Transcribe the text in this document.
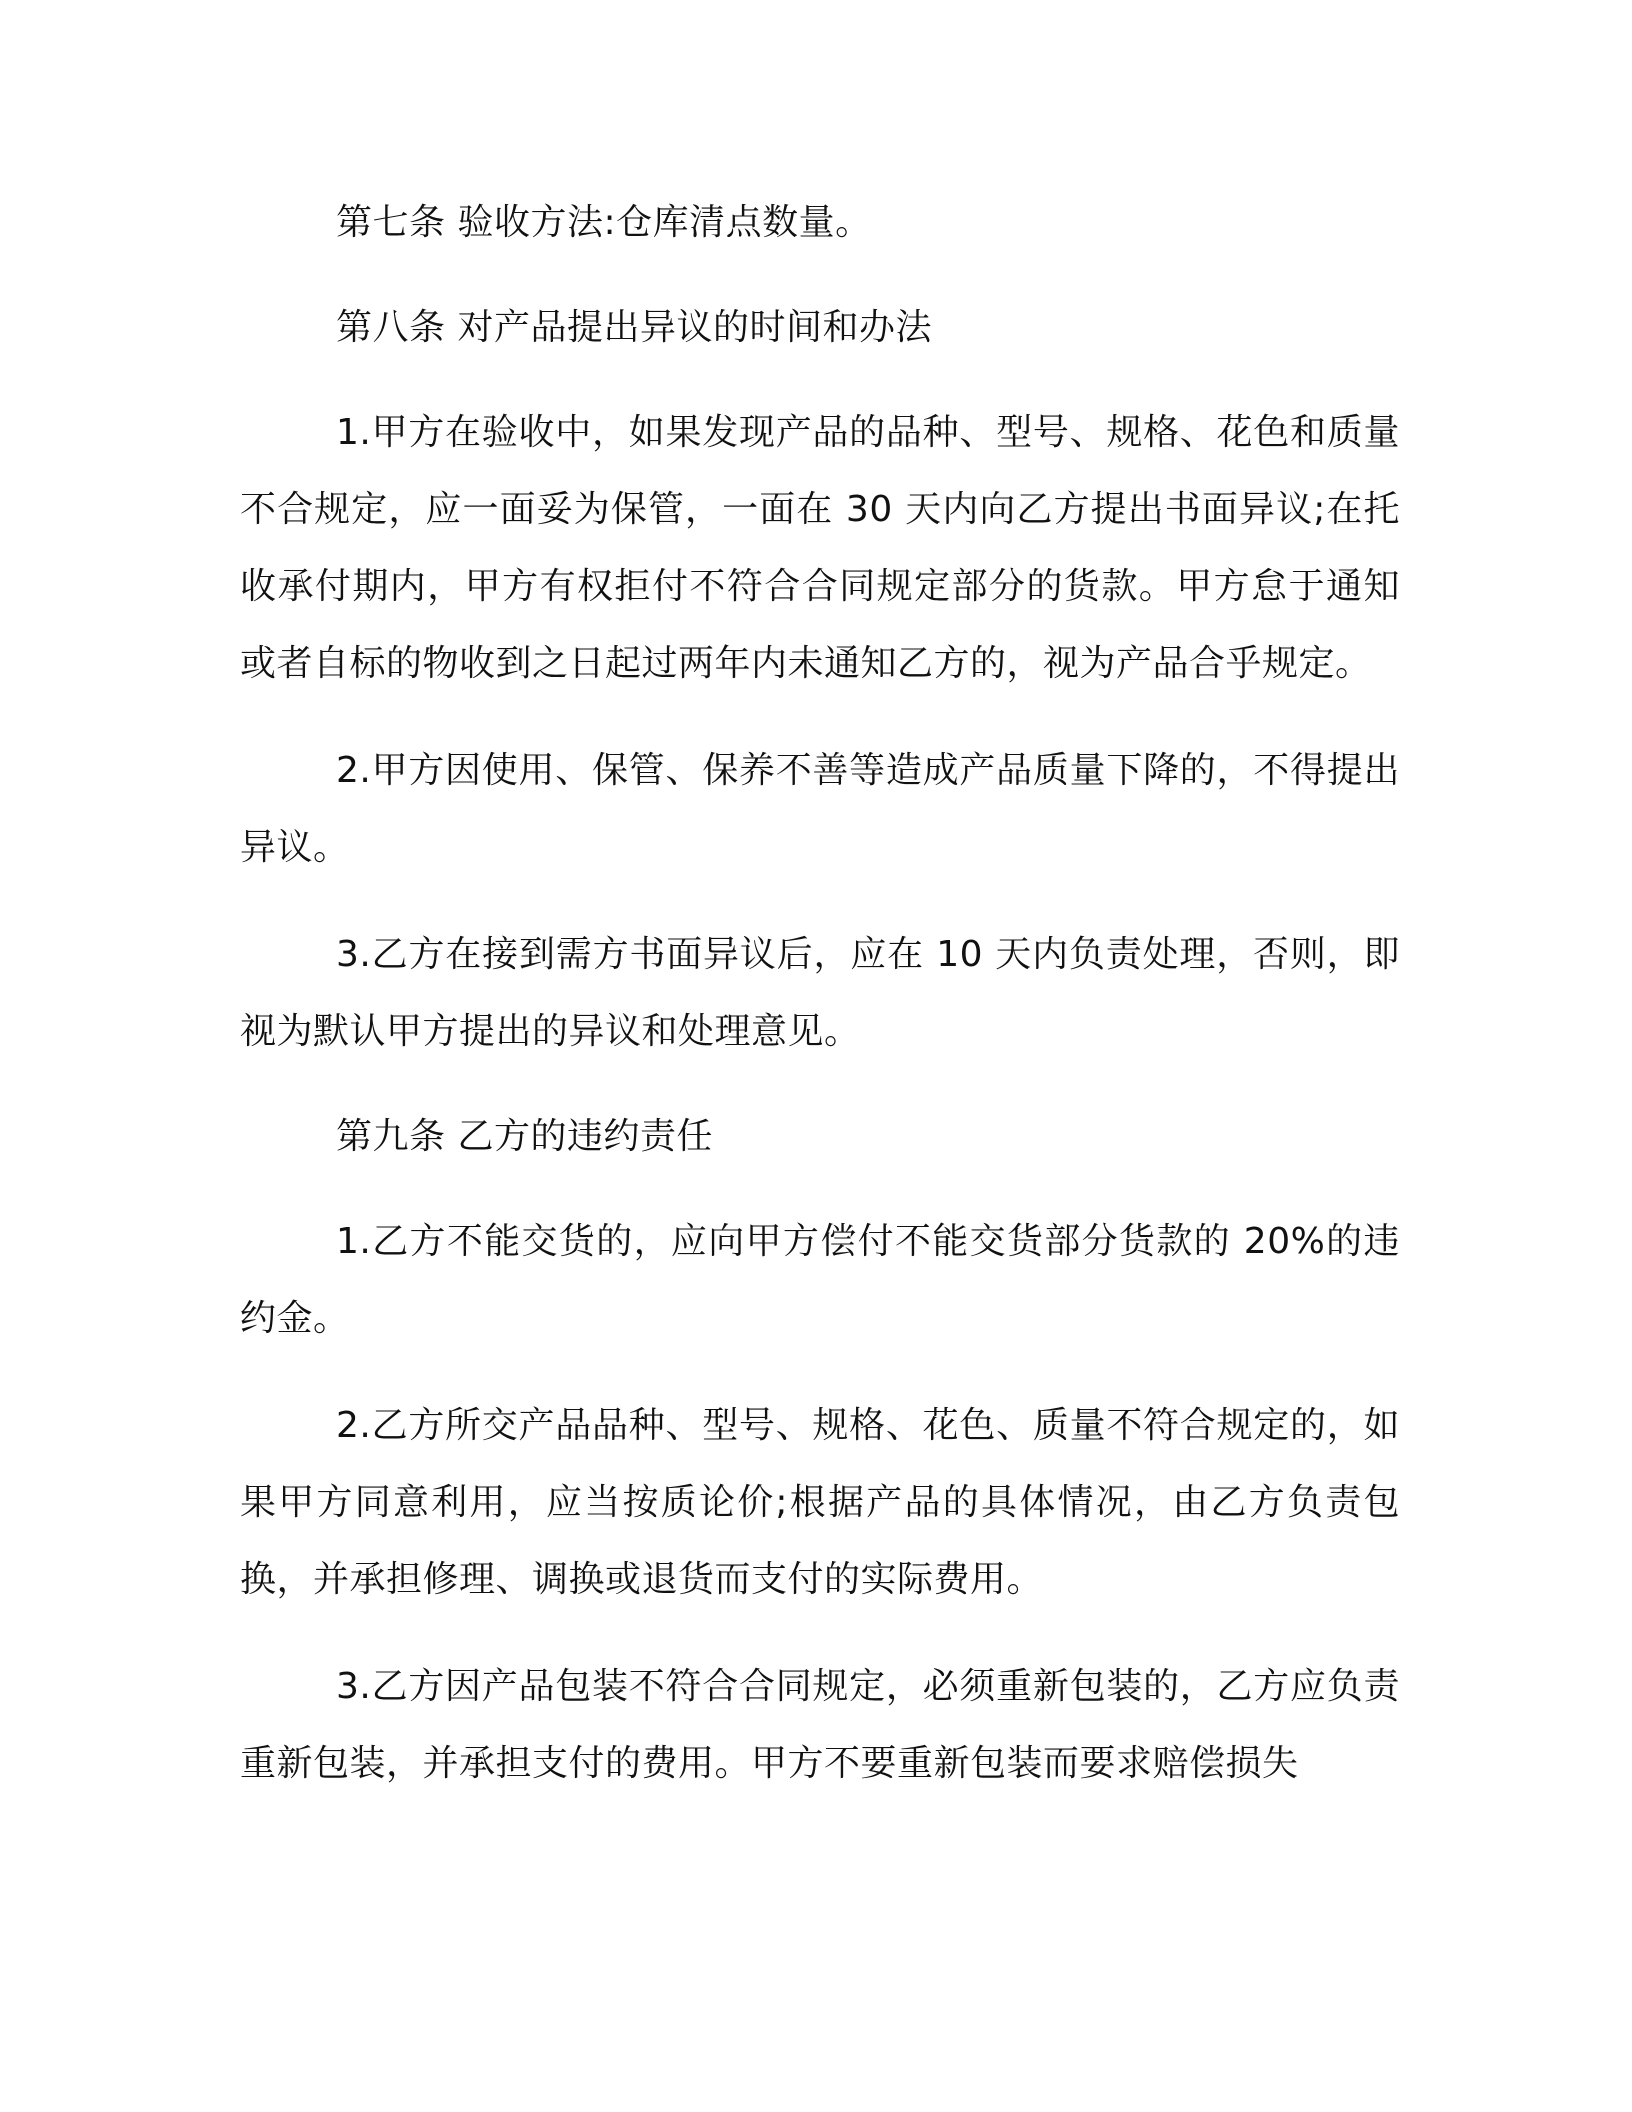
第七条 验收方法:仓库清点数量。

第八条 对产品提出异议的时间和办法

1.甲方在验收中，如果发现产品的品种、型号、规格、花色和质量不合规定，应一面妥为保管，一面在 30 天内向乙方提出书面异议;在托收承付期内，甲方有权拒付不符合合同规定部分的货款。甲方怠于通知或者自标的物收到之日起过两年内未通知乙方的，视为产品合乎规定。

2.甲方因使用、保管、保养不善等造成产品质量下降的，不得提出异议。

3.乙方在接到需方书面异议后，应在 10 天内负责处理，否则，即视为默认甲方提出的异议和处理意见。

第九条 乙方的违约责任

1.乙方不能交货的，应向甲方偿付不能交货部分货款的 20%的违约金。

2.乙方所交产品品种、型号、规格、花色、质量不符合规定的，如果甲方同意利用，应当按质论价;根据产品的具体情况，由乙方负责包换，并承担修理、调换或退货而支付的实际费用。

3.乙方因产品包装不符合合同规定，必须重新包装的，乙方应负责重新包装，并承担支付的费用。甲方不要重新包装而要求赔偿损失
